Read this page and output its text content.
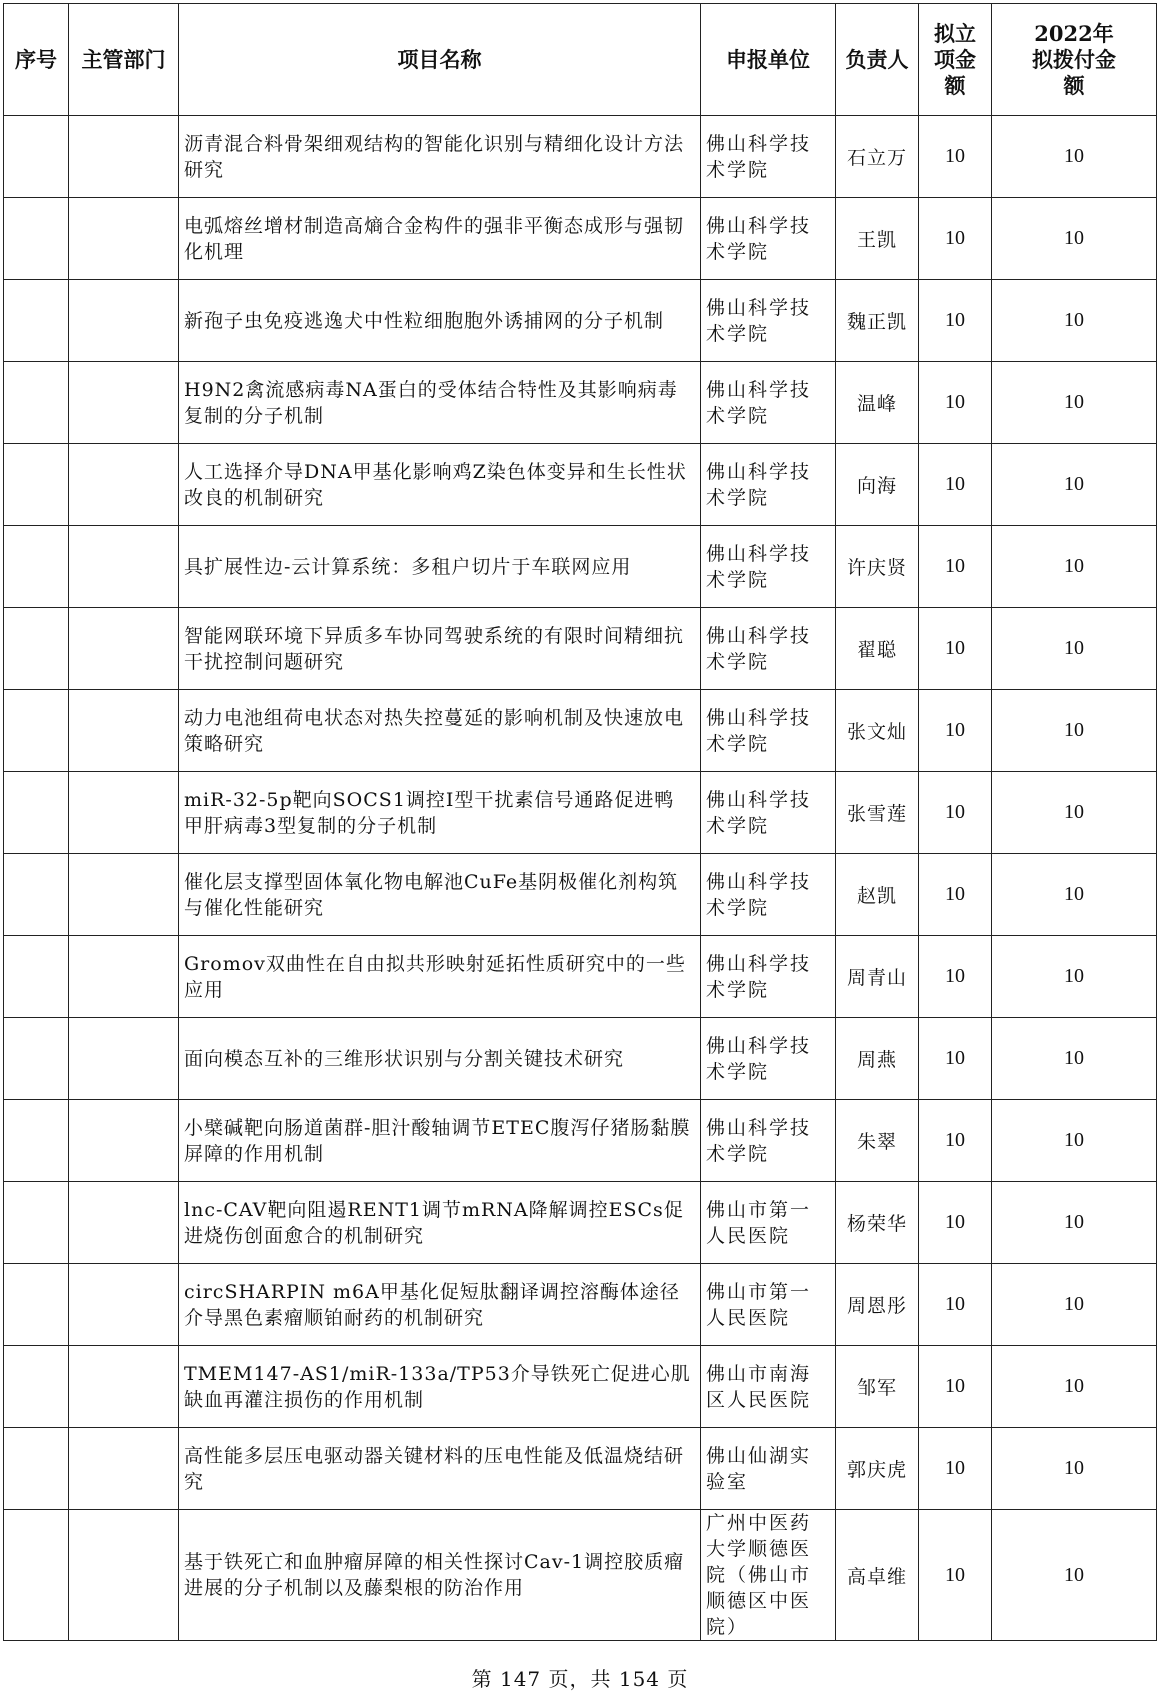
序号	主管部门	项目名称	申报单位	负责人	拟立项金额	2022年拟拨付金额
		沥青混合料骨架细观结构的智能化识别与精细化设计方法研究	佛山科学技术学院	石立万	10	10
		电弧熔丝增材制造高熵合金构件的强非平衡态成形与强韧化机理	佛山科学技术学院	王凯	10	10
		新孢子虫免疫逃逸犬中性粒细胞胞外诱捕网的分子机制	佛山科学技术学院	魏正凯	10	10
		H9N2禽流感病毒NA蛋白的受体结合特性及其影响病毒复制的分子机制	佛山科学技术学院	温峰	10	10
		人工选择介导DNA甲基化影响鸡Z染色体变异和生长性状改良的机制研究	佛山科学技术学院	向海	10	10
		具扩展性边-云计算系统：多租户切片于车联网应用	佛山科学技术学院	许庆贤	10	10
		智能网联环境下异质多车协同驾驶系统的有限时间精细抗干扰控制问题研究	佛山科学技术学院	翟聪	10	10
		动力电池组荷电状态对热失控蔓延的影响机制及快速放电策略研究	佛山科学技术学院	张文灿	10	10
		miR-32-5p靶向SOCS1调控I型干扰素信号通路促进鸭甲肝病毒3型复制的分子机制	佛山科学技术学院	张雪莲	10	10
		催化层支撑型固体氧化物电解池CuFe基阴极催化剂构筑与催化性能研究	佛山科学技术学院	赵凯	10	10
		Gromov双曲性在自由拟共形映射延拓性质研究中的一些应用	佛山科学技术学院	周青山	10	10
		面向模态互补的三维形状识别与分割关键技术研究	佛山科学技术学院	周燕	10	10
		小檗碱靶向肠道菌群-胆汁酸轴调节ETEC腹泻仔猪肠黏膜屏障的作用机制	佛山科学技术学院	朱翠	10	10
		lnc-CAV靶向阻遏RENT1调节mRNA降解调控ESCs促进烧伤创面愈合的机制研究	佛山市第一人民医院	杨荣华	10	10
		circSHARPIN m6A甲基化促短肽翻译调控溶酶体途径介导黑色素瘤顺铂耐药的机制研究	佛山市第一人民医院	周恩彤	10	10
		TMEM147-AS1/miR-133a/TP53介导铁死亡促进心肌缺血再灌注损伤的作用机制	佛山市南海区人民医院	邹军	10	10
		高性能多层压电驱动器关键材料的压电性能及低温烧结研究	佛山仙湖实验室	郭庆虎	10	10
		基于铁死亡和血肿瘤屏障的相关性探讨Cav-1调控胶质瘤进展的分子机制以及藤梨根的防治作用	广州中医药大学顺德医院（佛山市顺德区中医院）	高卓维	10	10
第 147 页，共 154 页
